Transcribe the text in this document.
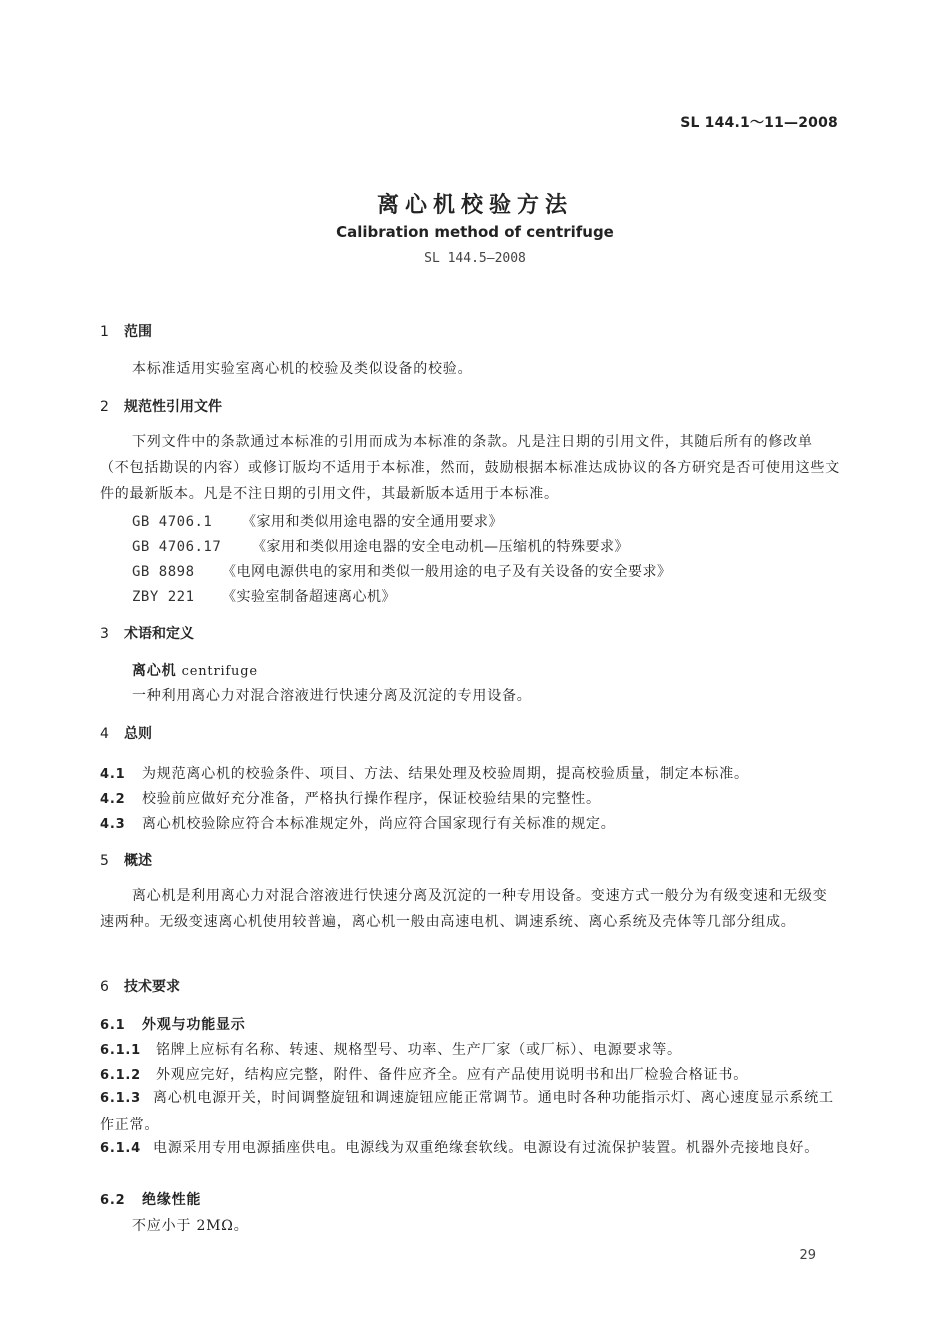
SL 144.1～11—2008
离心机校验方法
Calibration method of centrifuge
SL 144.5—2008
1 范围
本标准适用实验室离心机的校验及类似设备的校验。
2 规范性引用文件
下列文件中的条款通过本标准的引用而成为本标准的条款。凡是注日期的引用文件，其随后所有的修改单（不包括勘误的内容）或修订版均不适用于本标准，然而，鼓励根据本标准达成协议的各方研究是否可使用这些文件的最新版本。凡是不注日期的引用文件，其最新版本适用于本标准。
GB 4706.1 《家用和类似用途电器的安全通用要求》
GB 4706.17 《家用和类似用途电器的安全电动机—压缩机的特殊要求》
GB 8898 《电网电源供电的家用和类似一般用途的电子及有关设备的安全要求》
ZBY 221 《实验室制备超速离心机》
3 术语和定义
离心机 centrifuge
一种利用离心力对混合溶液进行快速分离及沉淀的专用设备。
4 总则
4.1 为规范离心机的校验条件、项目、方法、结果处理及校验周期，提高校验质量，制定本标准。
4.2 校验前应做好充分准备，严格执行操作程序，保证校验结果的完整性。
4.3 离心机校验除应符合本标准规定外，尚应符合国家现行有关标准的规定。
5 概述
离心机是利用离心力对混合溶液进行快速分离及沉淀的一种专用设备。变速方式一般分为有级变速和无级变速两种。无级变速离心机使用较普遍，离心机一般由高速电机、调速系统、离心系统及壳体等几部分组成。
6 技术要求
6.1 外观与功能显示
6.1.1 铭牌上应标有名称、转速、规格型号、功率、生产厂家（或厂标）、电源要求等。
6.1.2 外观应完好，结构应完整，附件、备件应齐全。应有产品使用说明书和出厂检验合格证书。
6.1.3 离心机电源开关，时间调整旋钮和调速旋钮应能正常调节。通电时各种功能指示灯、离心速度显示系统工作正常。
6.1.4 电源采用专用电源插座供电。电源线为双重绝缘套软线。电源设有过流保护装置。机器外壳接地良好。
6.2 绝缘性能
不应小于 2MΩ。
29
